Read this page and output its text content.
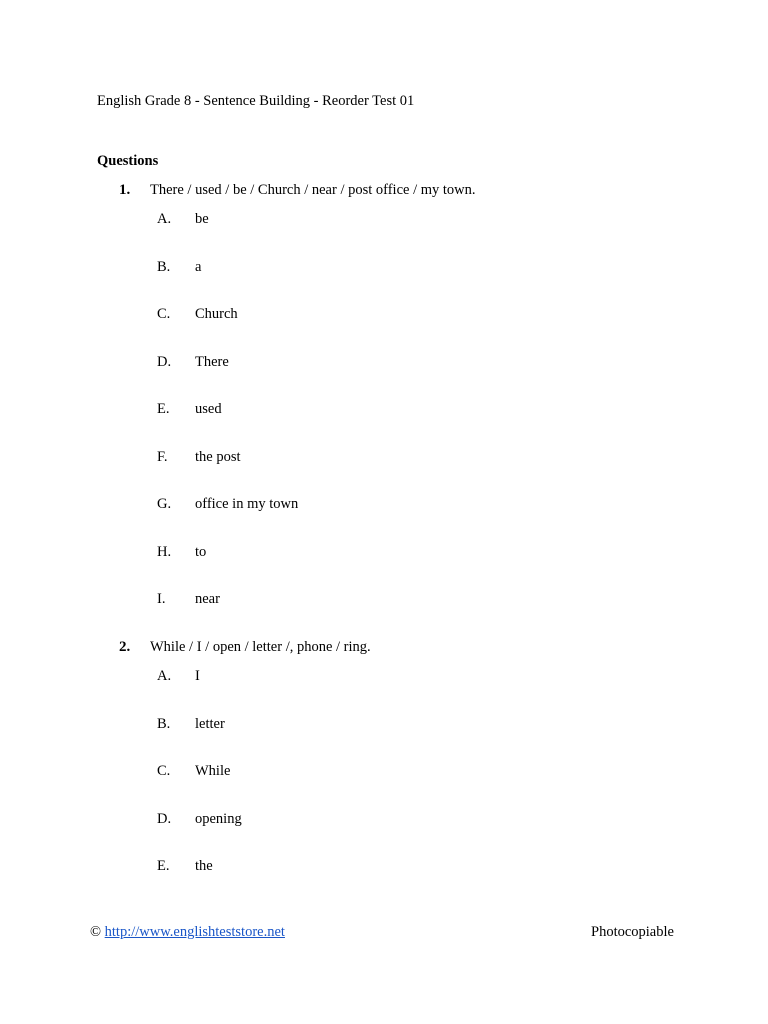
English Grade 8 - Sentence Building - Reorder Test 01
Questions
1. There / used / be / Church / near / post office / my town.
A. be
B. a
C. Church
D. There
E. used
F. the post
G. office in my town
H. to
I. near
2. While / I / open / letter /, phone / ring.
A. I
B. letter
C. While
D. opening
E. the
© http://www.englishteststore.net	Photocopiable
